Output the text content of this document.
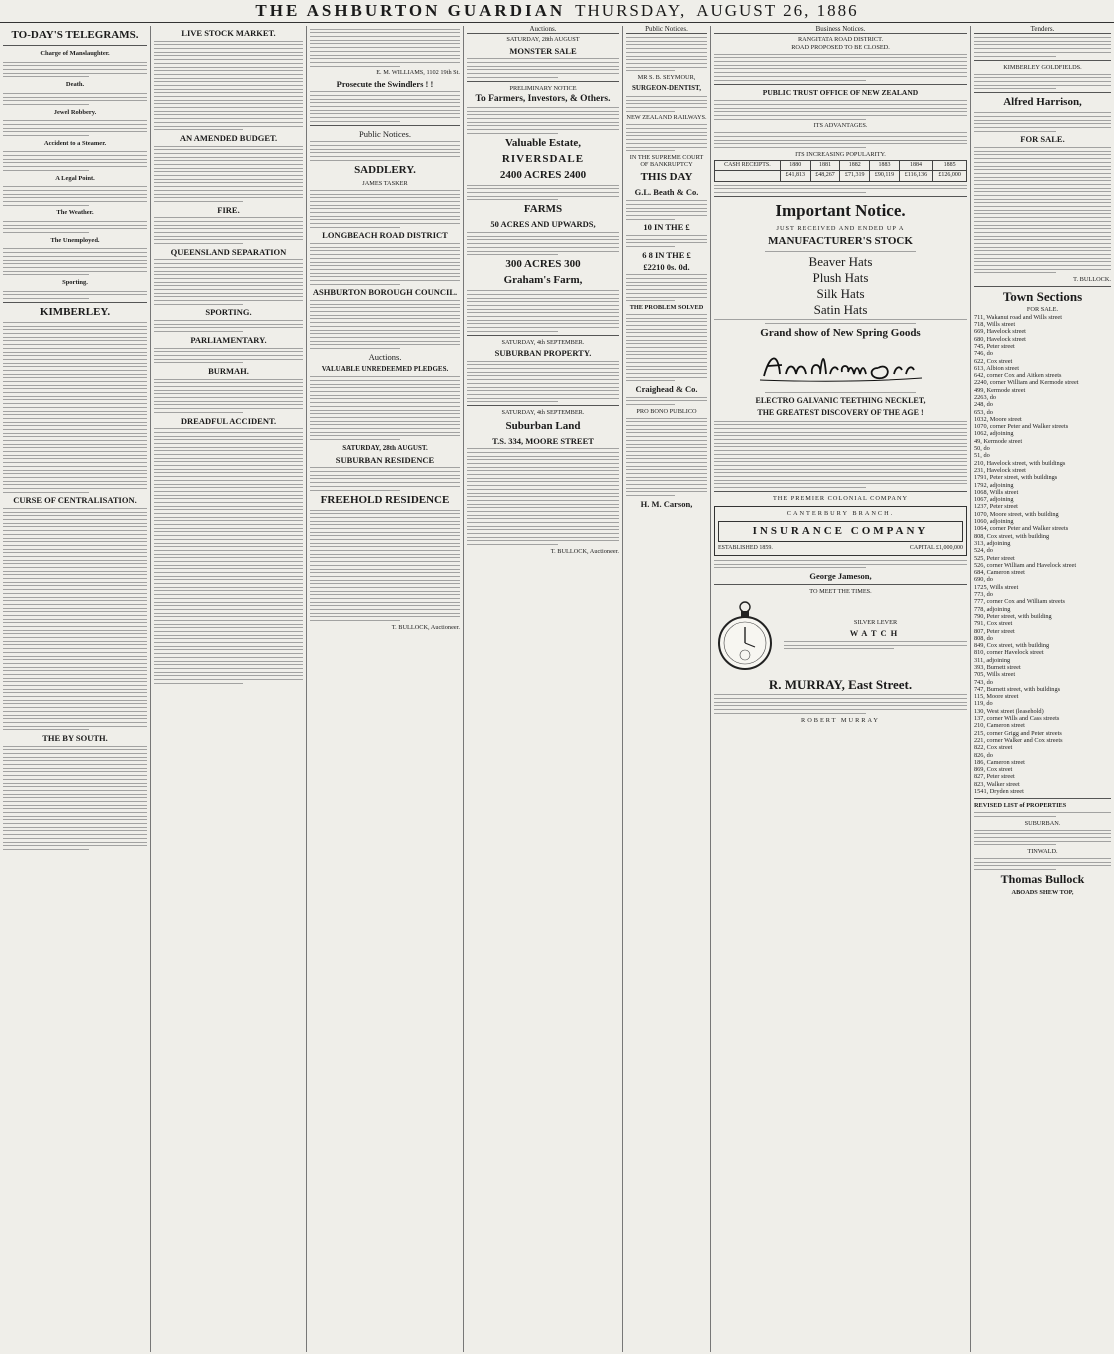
THE ASHBURTON GUARDIAN THURSDAY, AUGUST 26, 1886
TO-DAY'S TELEGRAMS.
Charge of Manslaughter.
Death.
Jewel Robbery.
Accident to a Steamer.
A Legal Point.
The Weather.
The Unemployed.
Sporting.
KIMBERLEY.
CURSE OF CENTRALISATION.
THE BY SOUTH.
LIVE STOCK MARKET.
AN AMENDED BUDGET.
FIRE.
QUEENSLAND SEPARATION
SPORTING.
PARLIAMENTARY.
BURMAH.
DREADFUL ACCIDENT.
E. M. WILLIAMS, 1102 19th St.
Prosecute the Swindlers ! !
Public Notices.
SADDLERY.
JAMES TASKER
LONGBEACH ROAD DISTRICT
ASHBURTON BOROUGH COUNCIL.
Auctions.
VALUABLE UNREDEEMED PLEDGES.
SATURDAY, 28th AUGUST.
SUBURBAN RESIDENCE
FREEHOLD RESIDENCE
T. BULLOCK, Auctioneer.
Auctions.
SATURDAY, 28th AUGUST
MONSTER SALE
PRELIMINARY NOTICE
To Farmers, Investors, & Others.
Valuable Estate,
RIVERSDALE
2400 ACRES 2400
FARMS
50 ACRES AND UPWARDS,
300 ACRES 300
Graham's Farm,
SATURDAY, 4th SEPTEMBER.
SUBURBAN PROPERTY.
SATURDAY, 4th SEPTEMBER.
Suburban Land
T.S. 334, MOORE STREET
T. BULLOCK, Auctioneer.
Public Notices.
MR S. B. SEYMOUR,
SURGEON-DENTIST,
NEW ZEALAND RAILWAYS.
IN THE SUPREME COURT OF BANKRUPTCY
THIS DAY
G.L. Beath & Co.
10 IN THE £
6 8 IN THE £
£2210 0s. 0d.
THE PROBLEM SOLVED
Craighead & Co.
PRO BONO PUBLICO
H. M. Carson,
Business Notices.
RANGITATA ROAD DISTRICT.
ROAD PROPOSED TO BE CLOSED.
PUBLIC TRUST OFFICE OF NEW ZEALAND
ITS ADVANTAGES.
ITS INCREASING POPULARITY.
CASH RECEIPTS.	1880	1881	1882	1883	1884	1885
	£41,813	£48,267	£71,319	£90,119	£116,136	£126,000
Important Notice.
JUST RECEIVED AND ENDED UP A
MANUFACTURER'S STOCK
Beaver Hats
Plush Hats
Silk Hats
Satin Hats
Grand show of New Spring Goods
ELECTRO GALVANIC TEETHING NECKLET,
THE GREATEST DISCOVERY OF THE AGE !
THE PREMIER COLONIAL COMPANY
CANTERBURY BRANCH.
INSURANCE COMPANY
ESTABLISHED 1859.	CAPITAL £1,000,000
George Jameson,
TO MEET THE TIMES.
SILVER LEVER
WATCH
R. MURRAY, East Street.
ROBERT MURRAY
Tenders.
KIMBERLEY GOLDFIELDS.
Alfred Harrison,
FOR SALE.
T. BULLOCK.
Town Sections
FOR SALE.
711, Wakanui road and Wills street
718, Wills street
669, Havelock street
680, Havelock street
745, Peter street
746, do
622, Cox street
613, Albion street
642, corner Cox and Aitken streets
2240, corner William and Kermode street
499, Kermode street
2263, do
248, do
653, do
1032, Moore street
1070, corner Peter and Walker streets
1062, adjoining
49, Kermode street
50, do
51, do
210, Havelock street, with buildings
231, Havelock street
1791, Peter street, with buildings
1792, adjoining
1068, Wills street
1067, adjoining
1237, Peter street
1070, Moore street, with building
1060, adjoining
1064, corner Peter and Walker streets
808, Cox street, with building
313, adjoining
524, do
525, Peter street
526, corner William and Havelock street
684, Cameron street
690, do
1725, Wills street
773, do
777, corner Cox and William streets
778, adjoining
790, Peter street, with building
791, Cox street
807, Peter street
808, do
849, Cox street, with building
810, corner Havelock street
311, adjoining
393, Burnett street
705, Wills street
743, do
747, Burnett street, with buildings
115, Moore street
119, do
130, West street (leasehold)
137, corner Wills and Cass streets
210, Cameron street
215, corner Grigg and Peter streets
221, corner Walker and Cox streets
822, Cox street
826, do
186, Cameron street
869, Cox street
827, Peter street
823, Walker street
1541, Dryden street
REVISED LIST of PROPERTIES
SUBURBAN.
TINWALD.
Thomas Bullock
ABOADS SHEW TOP,
